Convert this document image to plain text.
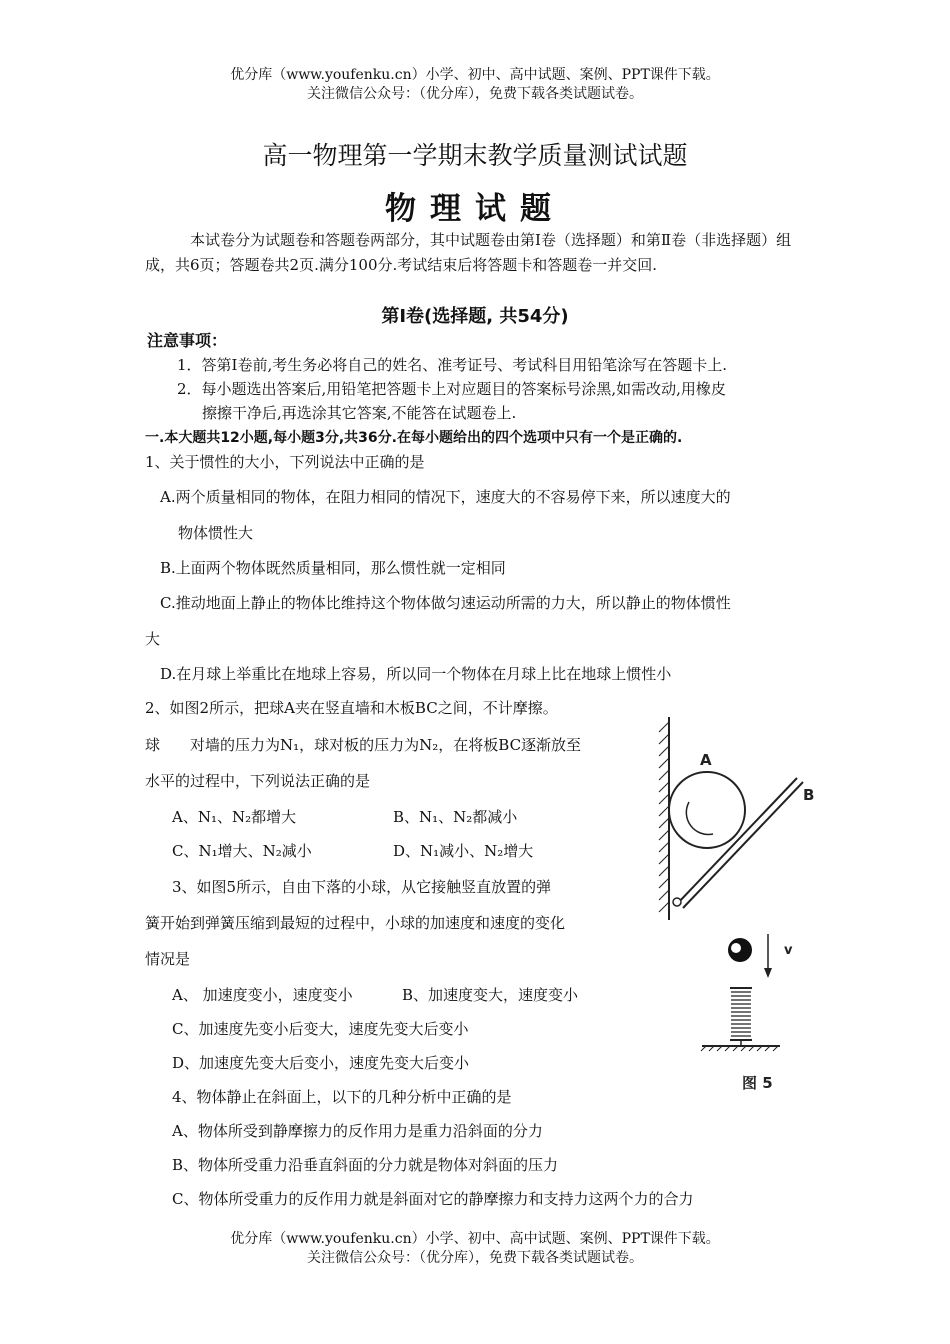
优分库（www.youfenku.cn）小学、初中、高中试题、案例、PPT课件下载。
关注微信公众号：（优分库），免费下载各类试题试卷。
高一物理第一学期末教学质量测试试题
物理试题
本试卷分为试题卷和答题卷两部分，其中试题卷由第Ⅰ卷（选择题）和第Ⅱ卷（非选择题）组成，共6页；答题卷共2页.满分100分.考试结束后将答题卡和答题卷一并交回.
第Ⅰ卷(选择题, 共54分)
注意事项：
1．答第Ⅰ卷前,考生务必将自己的姓名、准考证号、考试科目用铅笔涂写在答题卡上.
2．每小题选出答案后,用铅笔把答题卡上对应题目的答案标号涂黑,如需改动,用橡皮
擦擦干净后,再选涂其它答案,不能答在试题卷上.
一.本大题共12小题,每小题3分,共36分.在每小题给出的四个选项中只有一个是正确的.
1、关于惯性的大小，下列说法中正确的是
A.两个质量相同的物体，在阻力相同的情况下，速度大的不容易停下来，所以速度大的
物体惯性大
B.上面两个物体既然质量相同，那么惯性就一定相同
C.推动地面上静止的物体比维持这个物体做匀速运动所需的力大，所以静止的物体惯性
大
D.在月球上举重比在地球上容易，所以同一个物体在月球上比在地球上惯性小
2、如图2所示，把球A夹在竖直墙和木板BC之间，不计摩擦。
球　　对墙的压力为N₁，球对板的压力为N₂，在将板BC逐渐放至
水平的过程中，下列说法正确的是
A、N₁、N₂都增大	B、N₁、N₂都减小
C、N₁增大、N₂减小	D、N₁减小、N₂增大
A
B
3、如图5所示，自由下落的小球，从它接触竖直放置的弹
簧开始到弹簧压缩到最短的过程中，小球的加速度和速度的变化
情况是
A、 加速度变小，速度变小	B、加速度变大，速度变小
C、加速度先变小后变大，速度先变大后变小
D、加速度先变大后变小，速度先变大后变小
v
图 5
4、物体静止在斜面上，以下的几种分析中正确的是
A、物体所受到静摩擦力的反作用力是重力沿斜面的分力
B、物体所受重力沿垂直斜面的分力就是物体对斜面的压力
C、物体所受重力的反作用力就是斜面对它的静摩擦力和支持力这两个力的合力
优分库（www.youfenku.cn）小学、初中、高中试题、案例、PPT课件下载。
关注微信公众号：（优分库），免费下载各类试题试卷。
